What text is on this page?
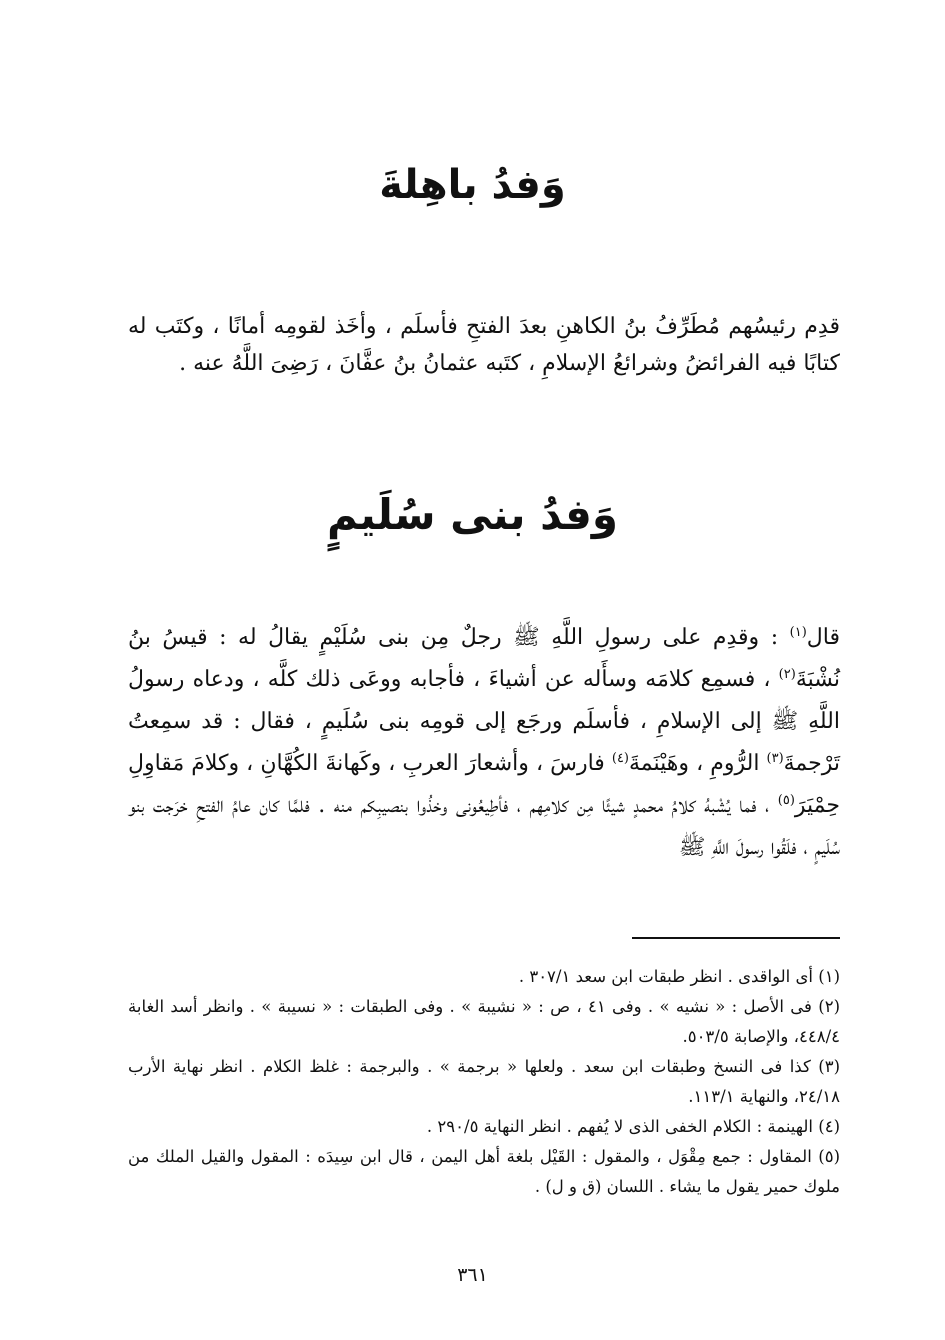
وَفدُ باهِلةَ

قدِم رئيسُهم مُطَرِّفُ بنُ الكاهنِ بعدَ الفتحِ فأسلَم ، وأخَذ لقومِه أمانًا ، وكتَب له كتابًا فيه الفرائضُ وشرائعُ الإسلامِ ، كتَبه عثمانُ بنُ عفَّانَ ، رَضِىَ اللَّهُ عنه .

وَفدُ بنى سُلَيمٍ

قال$^{(١)}$ : وقدِم على رسولِ اللَّهِ ﷺ رجلٌ مِن بنى سُلَيْمٍ يقالُ له : قيسُ بنُ نُشْبَةَ$^{(٢)}$ ، فسمِع كلامَه وسأَله عن أشياءَ ، فأجابه ووعَى ذلك كلَّه ، ودعاه رسولُ اللَّهِ ﷺ إلى الإسلامِ ، فأسلَم ورجَع إلى قومِه بنى سُلَيمٍ ، فقال : قد سمِعتُ تَرْجمةَ$^{(٣)}$ الرُّومِ ، وهَيْنَمةَ$^{(٤)}$ فارسَ ، وأشعارَ العربِ ، وكَهانةَ الكُهَّانِ ، وكلامَ مَقاوِلِ حِمْيَرَ$^{(٥)}$ ، فما يُشْبهُ كلامُ محمدٍ شيئًا مِن كلامِهم ، فأطِيعُونى وخذُوا بنصيبِكم منه . فلمَّا كان عامُ الفتحِ خرَجت بنو سُلَيمٍ ، فلَقُوا رسولَ اللَّهِ ﷺ

(١) أى الواقدى . انظر طبقات ابن سعد ٣٠٧/١ .
(٢) فى الأصل : « نشيه » . وفى ٤١ ، ص : « نشيبة » . وفى الطبقات : « نسيبة » . وانظر أسد الغابة ٤٤٨/٤، والإصابة ٥٠٣/٥.
(٣) كذا فى النسخ وطبقات ابن سعد . ولعلها « برجمة » . والبرجمة : غلظ الكلام . انظر نهاية الأرب ٢٤/١٨، والنهاية ١١٣/١.
(٤) الهينمة : الكلام الخفى الذى لا يُفهم . انظر النهاية ٢٩٠/٥ .
(٥) المقاول : جمع مِقْوَل ، والمقول : القَيْل بلغة أهل اليمن ، قال ابن سِيدَه : المقول والقيل الملك من ملوك حمير يقول ما يشاء . اللسان (ق و ل) .
٣٦١
